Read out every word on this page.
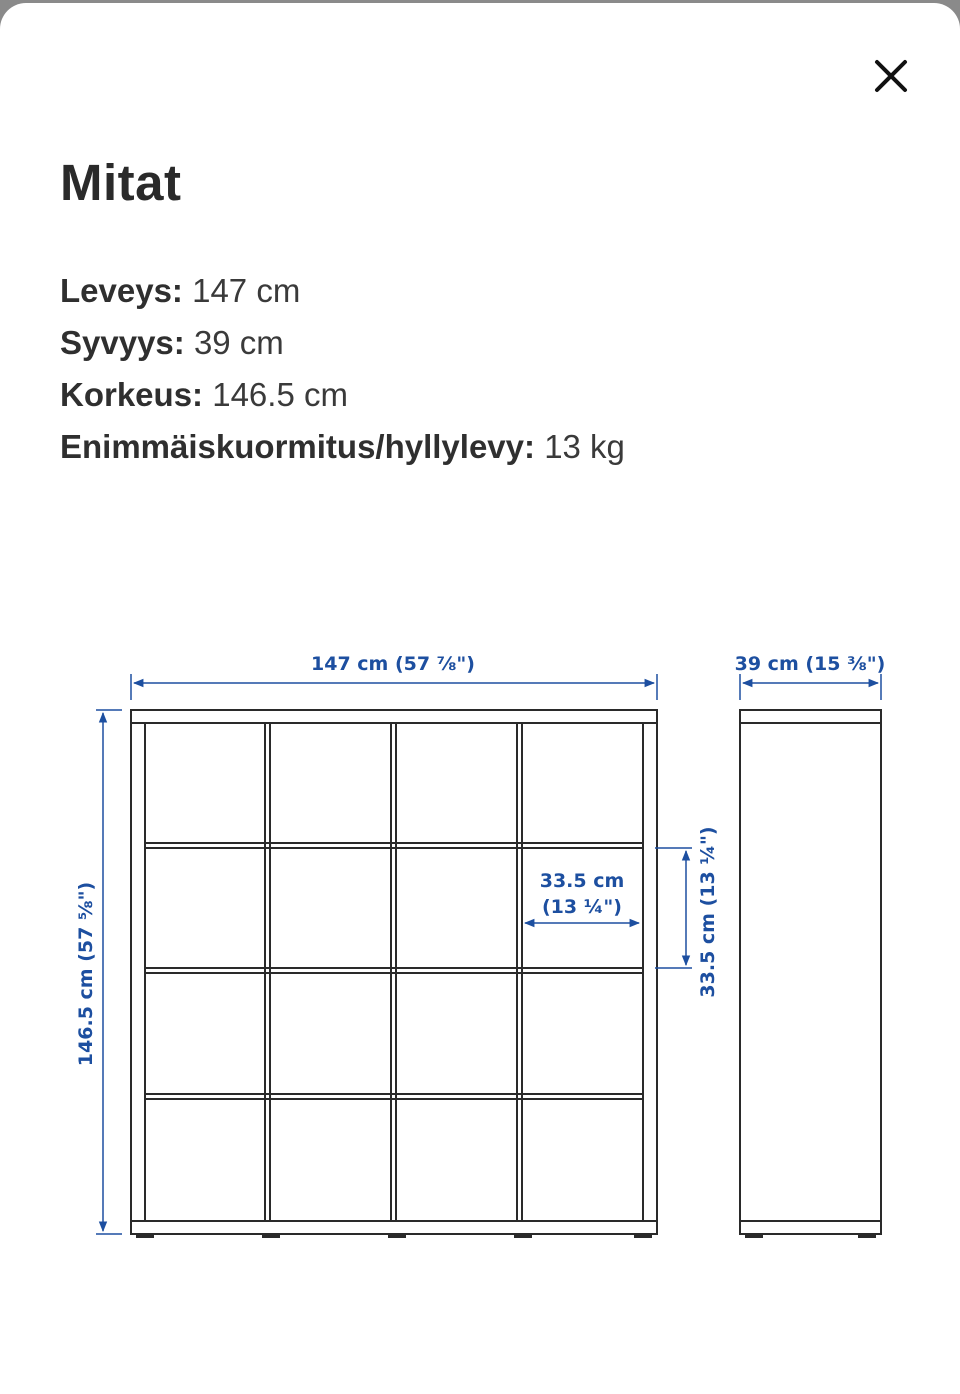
Mitat
Leveys: 147 cm
Syvyys: 39 cm
Korkeus: 146.5 cm
Enimmäiskuormitus/hyllylevy: 13 kg
147 cm (57 ⅞")	39 cm (15 ⅜")
146.5 cm (57 ⅝")
33.5 cm
(13 ¼")	33.5 cm (13 ¼")
